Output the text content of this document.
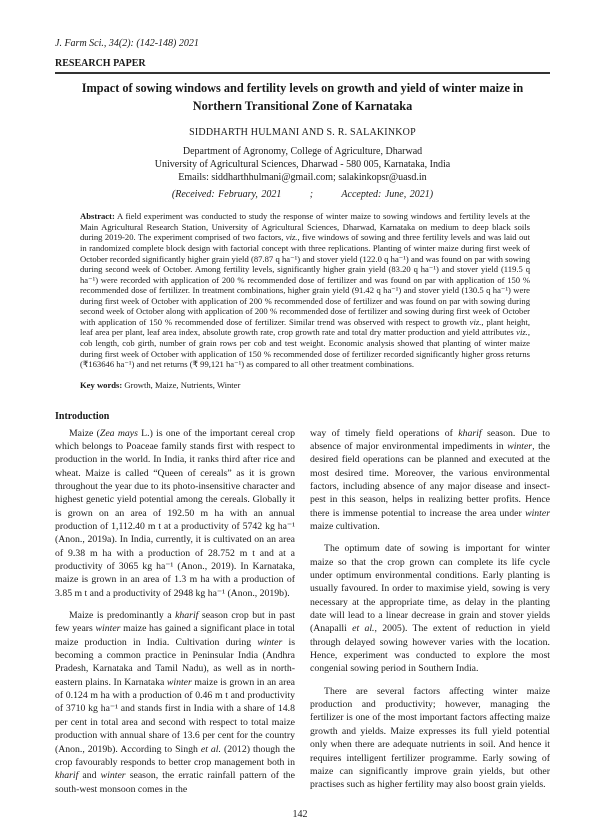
J. Farm Sci., 34(2): (142-148) 2021
RESEARCH PAPER
Impact of sowing windows and fertility levels on growth and yield of winter maize in
Northern Transitional Zone of Karnataka
SIDDHARTH HULMANI AND S. R. SALAKINKOP
Department of Agronomy, College of Agriculture, Dharwad
University of Agricultural Sciences, Dharwad - 580 005, Karnataka, India
Emails: siddharthhulmani@gmail.com; salakinkopsr@uasd.in
(Received: February, 2021	;	Accepted: June, 2021)
Abstract: A field experiment was conducted to study the response of winter maize to sowing windows and fertility levels at the Main Agricultural Research Station, University of Agricultural Sciences, Dharwad, Karnataka on medium to deep black soils during 2019-20. The experiment comprised of two factors, viz., five windows of sowing and three fertility levels and was laid out in randomized complete block design with factorial concept with three replications. Planting of winter maize during first week of October recorded significantly higher grain yield (87.87 q ha⁻¹) and stover yield (122.0 q ha⁻¹) and was found on par with sowing during second week of October. Among fertility levels, significantly higher grain yield (83.20 q ha⁻¹) and stover yield (119.5 q ha⁻¹) were recorded with application of 200 % recommended dose of fertilizer and was found on par with application of 150 % recommended dose of fertilizer. In treatment combinations, higher grain yield (91.42 q ha⁻¹) and stover yield (130.5 q ha⁻¹) were during first week of October with application of 200 % recommended dose of fertilizer and was found on par with sowing during second week of October along with application of 200 % recommended dose of fertilizer and sowing during first week of October with application of 150 % recommended dose of fertilizer. Similar trend was observed with respect to growth viz., plant height, leaf area per plant, leaf area index, absolute growth rate, crop growth rate and total dry matter production and yield attributes viz., cob length, cob girth, number of grain rows per cob and test weight. Economic analysis showed that planting of winter maize during first week of October with application of 150 % recommended dose of fertilizer recorded significantly higher gross returns (₹163646 ha⁻¹) and net returns (₹ 99,121 ha⁻¹) as compared to all other treatment combinations.
Key words: Growth, Maize, Nutrients, Winter
Introduction

Maize (Zea mays L.) is one of the important cereal crop which belongs to Poaceae family stands first with respect to production in the world. In India, it ranks third after rice and wheat. Maize is called “Queen of cereals” as it is grown throughout the year due to its photo-insensitive character and highest genetic yield potential among the cereals. Globally it is grown on an area of 192.50 m ha with an annual production of 1,112.40 m t at a productivity of 5742 kg ha⁻¹ (Anon., 2019a). In India, currently, it is cultivated on an area of 9.38 m ha with a production of 28.752 m t and at a productivity of 3065 kg ha⁻¹ (Anon., 2019). In Karnataka, maize is grown in an area of 1.3 m ha with a production of 3.85 m t and a productivity of 2948 kg ha⁻¹ (Anon., 2019b).

Maize is predominantly a kharif season crop but in past few years winter maize has gained a significant place in total maize production in India. Cultivation during winter is becoming a common practice in Peninsular India (Andhra Pradesh, Karnataka and Tamil Nadu), as well as in north-eastern plains. In Karnataka winter maize is grown in an area of 0.124 m ha with a production of 0.46 m t and productivity of 3710 kg ha⁻¹ and stands first in India with a share of 14.8 per cent in total area and second with respect to total maize production with annual share of 13.6 per cent for the country (Anon., 2019b). According to Singh et al. (2012) though the crop favourably responds to better crop management both in kharif and winter season, the erratic rainfall pattern of the south-west monsoon comes in the

way of timely field operations of kharif season. Due to absence of major environmental impediments in winter, the desired field operations can be planned and executed at the most desired time. Moreover, the various environmental factors, including absence of any major disease and insect- pest in this season, helps in realizing better profits. Hence there is immense potential to increase the area under winter maize cultivation.

The optimum date of sowing is important for winter maize so that the crop grown can complete its life cycle under optimum environmental conditions. Early planting is usually favoured. In order to maximise yield, sowing is very necessary at the appropriate time, as delay in the planting date will lead to a linear decrease in grain and stover yields (Anapalli et al., 2005). The extent of reduction in yield through delayed sowing however varies with the location. Hence, experiment was conducted to explore the most congenial sowing period in Southern India.

There are several factors affecting winter maize production and productivity; however, managing the fertilizer is one of the most important factors affecting maize growth and yields. Maize expresses its full yield potential only when there are adequate nutrients in soil. And hence it requires intelligent fertilizer programme. Early sowing of maize can significantly improve grain yields, but other practises such as higher fertility may also boost grain yields.

142
